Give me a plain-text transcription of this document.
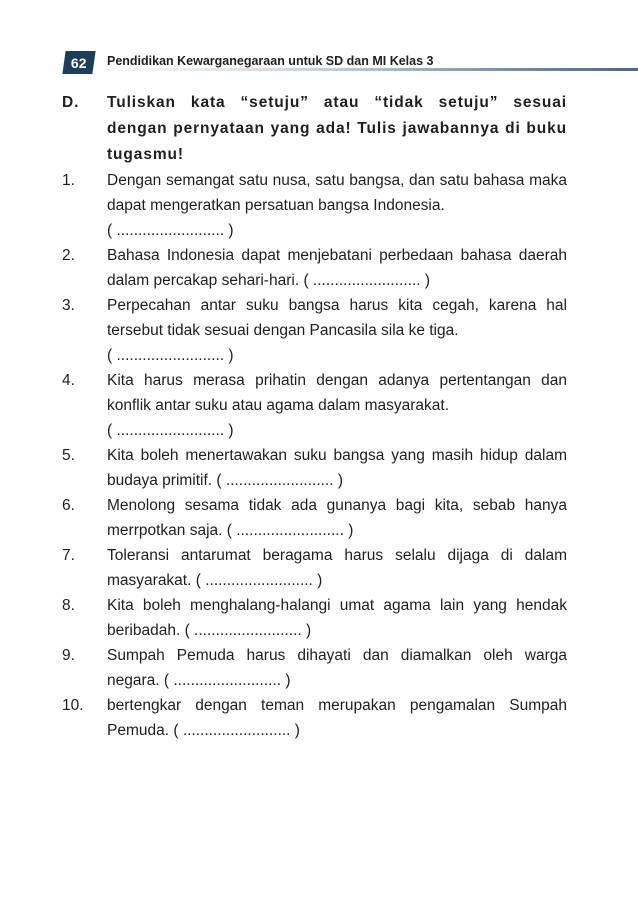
62 Pendidikan Kewarganegaraan untuk SD dan MI Kelas 3
D.	Tuliskan kata “setuju” atau “tidak setuju” sesuai dengan pernyataan yang ada! Tulis jawabannya di buku tugasmu!
1.	Dengan semangat satu nusa, satu bangsa, dan satu bahasa maka dapat mengeratkan persatuan bangsa Indonesia.
( ......................... )
2.	Bahasa Indonesia dapat menjebatani perbedaan bahasa daerah dalam percakap sehari-hari. ( ......................... )
3.	Perpecahan antar suku bangsa harus kita cegah, karena hal tersebut tidak sesuai dengan Pancasila sila ke tiga.
( ......................... )
4.	Kita harus merasa prihatin dengan adanya pertentangan dan konflik antar suku atau agama dalam masyarakat.
( ......................... )
5.	Kita boleh menertawakan suku bangsa yang masih hidup dalam budaya primitif. ( ......................... )
6.	Menolong sesama tidak ada gunanya bagi kita, sebab hanya merrpotkan saja. ( ......................... )
7.	Toleransi antarumat beragama harus selalu dijaga di dalam masyarakat. ( ......................... )
8.	Kita boleh menghalang-halangi umat agama lain yang hendak beribadah. ( ......................... )
9.	Sumpah Pemuda harus dihayati dan diamalkan oleh warga negara. ( ......................... )
10.	bertengkar dengan teman merupakan pengamalan Sumpah Pemuda. ( ......................... )
